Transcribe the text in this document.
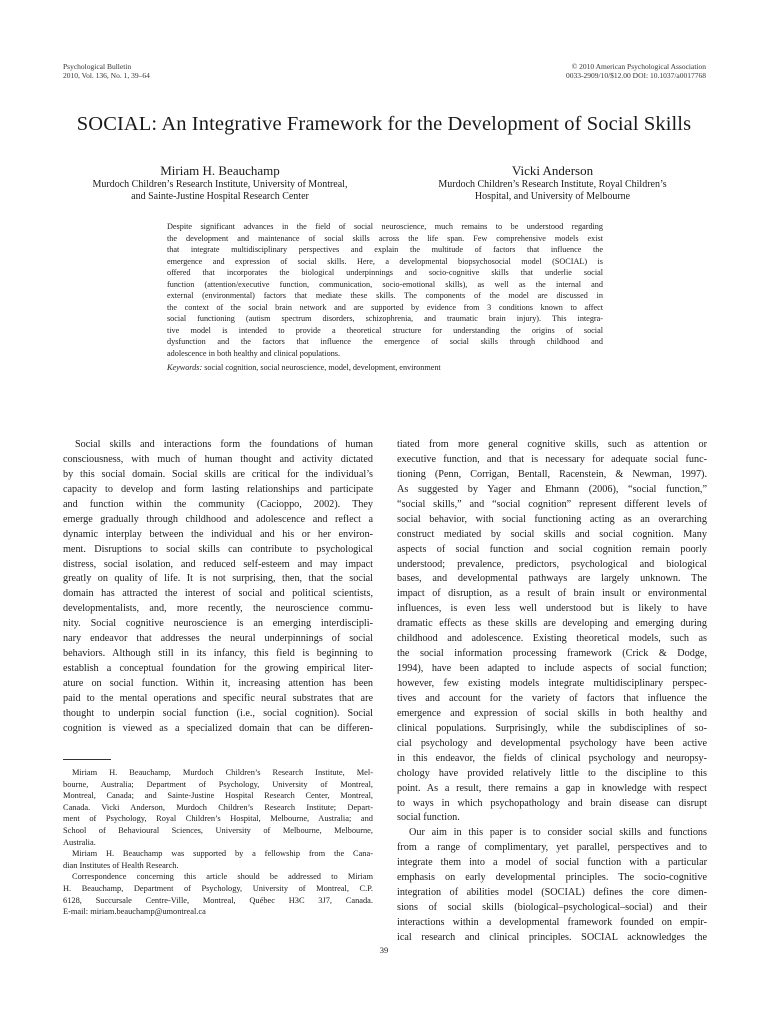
Psychological Bulletin
2010, Vol. 136, No. 1, 39–64
© 2010 American Psychological Association
0033-2909/10/$12.00 DOI: 10.1037/a0017768
SOCIAL: An Integrative Framework for the Development of Social Skills
Miriam H. Beauchamp
Murdoch Children’s Research Institute, University of Montreal,
and Sainte-Justine Hospital Research Center
Vicki Anderson
Murdoch Children’s Research Institute, Royal Children’s
Hospital, and University of Melbourne
Despite significant advances in the field of social neuroscience, much remains to be understood regarding
the development and maintenance of social skills across the life span. Few comprehensive models exist
that integrate multidisciplinary perspectives and explain the multitude of factors that influence the
emergence and expression of social skills. Here, a developmental biopsychosocial model (SOCIAL) is
offered that incorporates the biological underpinnings and socio-cognitive skills that underlie social
function (attention/executive function, communication, socio-emotional skills), as well as the internal and
external (environmental) factors that mediate these skills. The components of the model are discussed in
the context of the social brain network and are supported by evidence from 3 conditions known to affect
social functioning (autism spectrum disorders, schizophrenia, and traumatic brain injury). This integra-
tive model is intended to provide a theoretical structure for understanding the origins of social
dysfunction and the factors that influence the emergence of social skills through childhood and
adolescence in both healthy and clinical populations.
Keywords: social cognition, social neuroscience, model, development, environment
Social skills and interactions form the foundations of human
consciousness, with much of human thought and activity dictated
by this social domain. Social skills are critical for the individual’s
capacity to develop and form lasting relationships and participate
and function within the community (Cacioppo, 2002). They
emerge gradually through childhood and adolescence and reflect a
dynamic interplay between the individual and his or her environ-
ment. Disruptions to social skills can contribute to psychological
distress, social isolation, and reduced self-esteem and may impact
greatly on quality of life. It is not surprising, then, that the social
domain has attracted the interest of social and political scientists,
developmentalists, and, more recently, the neuroscience commu-
nity. Social cognitive neuroscience is an emerging interdiscipli-
nary endeavor that addresses the neural underpinnings of social
behaviors. Although still in its infancy, this field is beginning to
establish a conceptual foundation for the growing empirical liter-
ature on social function. Within it, increasing attention has been
paid to the mental operations and specific neural substrates that are
thought to underpin social function (i.e., social cognition). Social
cognition is viewed as a specialized domain that can be differen-
tiated from more general cognitive skills, such as attention or
executive function, and that is necessary for adequate social func-
tioning (Penn, Corrigan, Bentall, Racenstein, & Newman, 1997).
As suggested by Yager and Ehmann (2006), “social function,”
“social skills,” and “social cognition” represent different levels of
social behavior, with social functioning acting as an overarching
construct mediated by social skills and social cognition. Many
aspects of social function and social cognition remain poorly
understood; prevalence, predictors, psychological and biological
bases, and developmental pathways are largely unknown. The
impact of disruption, as a result of brain insult or environmental
influences, is even less well understood but is likely to have
dramatic effects as these skills are developing and emerging during
childhood and adolescence. Existing theoretical models, such as
the social information processing framework (Crick & Dodge,
1994), have been adapted to include aspects of social function;
however, few existing models integrate multidisciplinary perspec-
tives and account for the variety of factors that influence the
emergence and expression of social skills in both healthy and
clinical populations. Surprisingly, while the subdisciplines of so-
cial psychology and developmental psychology have been active
in this endeavor, the fields of clinical psychology and neuropsy-
chology have provided relatively little to the discipline to this
point. As a result, there remains a gap in knowledge with respect
to ways in which psychopathology and brain disease can disrupt
social function.
Our aim in this paper is to consider social skills and functions
from a range of complimentary, yet parallel, perspectives and to
integrate them into a model of social function with a particular
emphasis on early developmental principles. The socio-cognitive
integration of abilities model (SOCIAL) defines the core dimen-
sions of social skills (biological–psychological–social) and their
interactions within a developmental framework founded on empir-
ical research and clinical principles. SOCIAL acknowledges the
Miriam H. Beauchamp, Murdoch Children’s Research Institute, Mel-
bourne, Australia; Department of Psychology, University of Montreal,
Montreal, Canada; and Sainte-Justine Hospital Research Center, Montreal,
Canada. Vicki Anderson, Murdoch Children’s Research Institute; Depart-
ment of Psychology, Royal Children’s Hospital, Melbourne, Australia; and
School of Behavioural Sciences, University of Melbourne, Melbourne,
Australia.
Miriam H. Beauchamp was supported by a fellowship from the Cana-
dian Institutes of Health Research.
Correspondence concerning this article should be addressed to Miriam
H. Beauchamp, Department of Psychology, University of Montreal, C.P.
6128, Succursale Centre-Ville, Montreal, Québec H3C 3J7, Canada.
E-mail: miriam.beauchamp@umontreal.ca
39
